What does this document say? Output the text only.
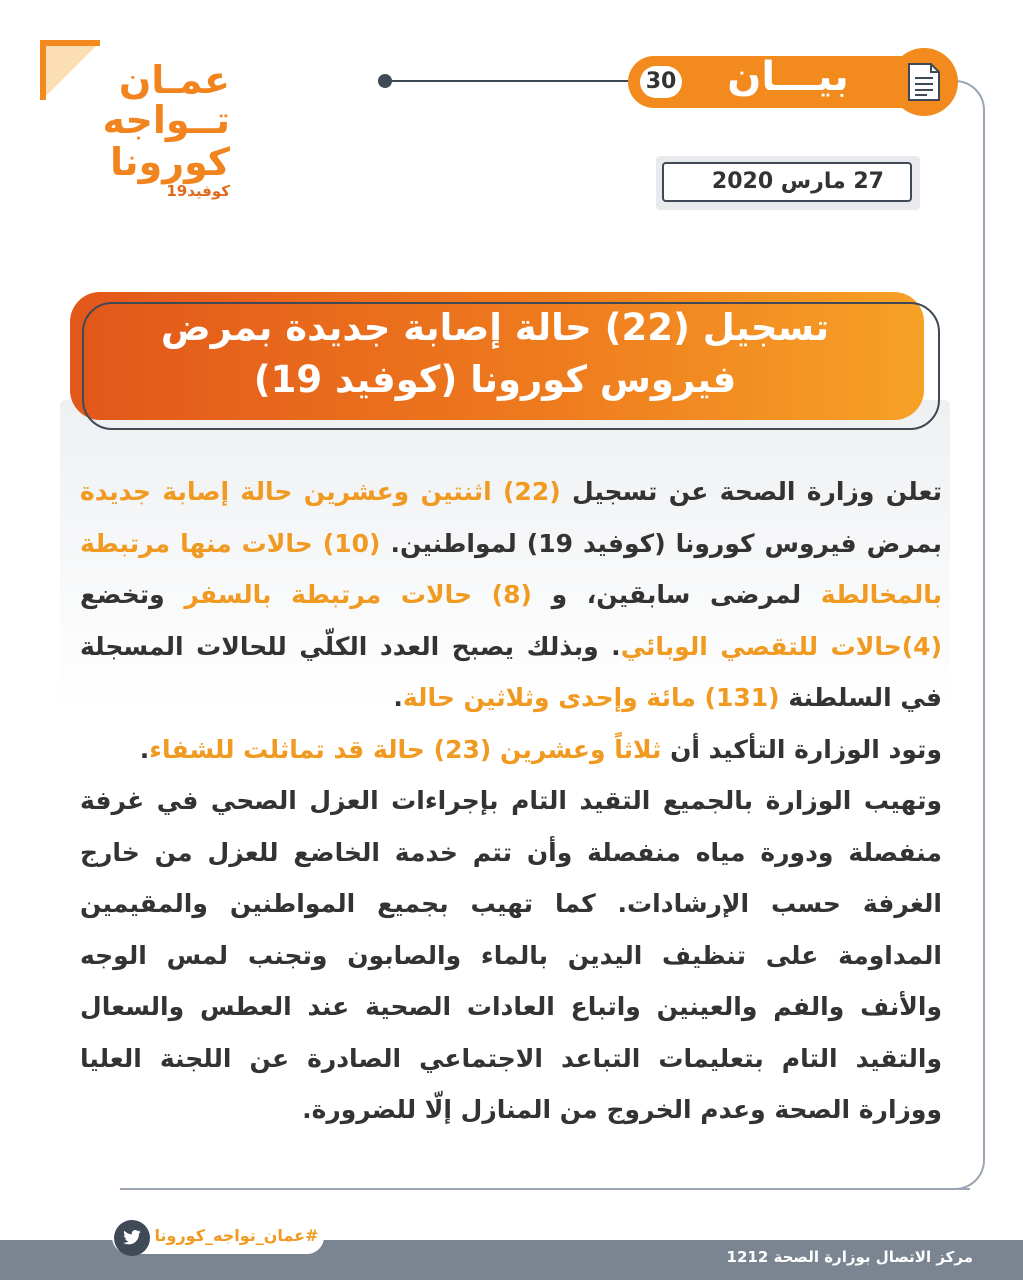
عمـان
تــواجه
كورونا
كوفيد19
بيـــان
30
27 مارس 2020
تسجيل (22) حالة إصابة جديدة بمرض
فيروس كورونا (كوفيد 19)
تعلن وزارة الصحة عن تسجيل (22) اثنتين وعشرين حالة إصابة جديدة بمرض فيروس كورونا (كوفيد 19) لمواطنين. (10) حالات منها مرتبطة بالمخالطة لمرضى سابقين، و (8) حالات مرتبطة بالسفر وتخضع (4)حالات للتقصي الوبائي. وبذلك يصبح العدد الكلّي للحالات المسجلة في السلطنة (131) مائة وإحدى وثلاثين حالة.
وتود الوزارة التأكيد أن ثلاثاً وعشرين (23) حالة قد تماثلت للشفاء.
وتهيب الوزارة بالجميع التقيد التام بإجراءات العزل الصحي في غرفة منفصلة ودورة مياه منفصلة وأن تتم خدمة الخاضع للعزل من خارج الغرفة حسب الإرشادات. كما تهيب بجميع المواطنين والمقيمين المداومة على تنظيف اليدين بالماء والصابون وتجنب لمس الوجه والأنف والفم والعينين واتباع العادات الصحية عند العطس والسعال والتقيد التام بتعليمات التباعد الاجتماعي الصادرة عن اللجنة العليا ووزارة الصحة وعدم الخروج من المنازل إلّا للضرورة.
مركز الاتصال بوزارة الصحة 1212
#عمان_تواجه_كورونا
